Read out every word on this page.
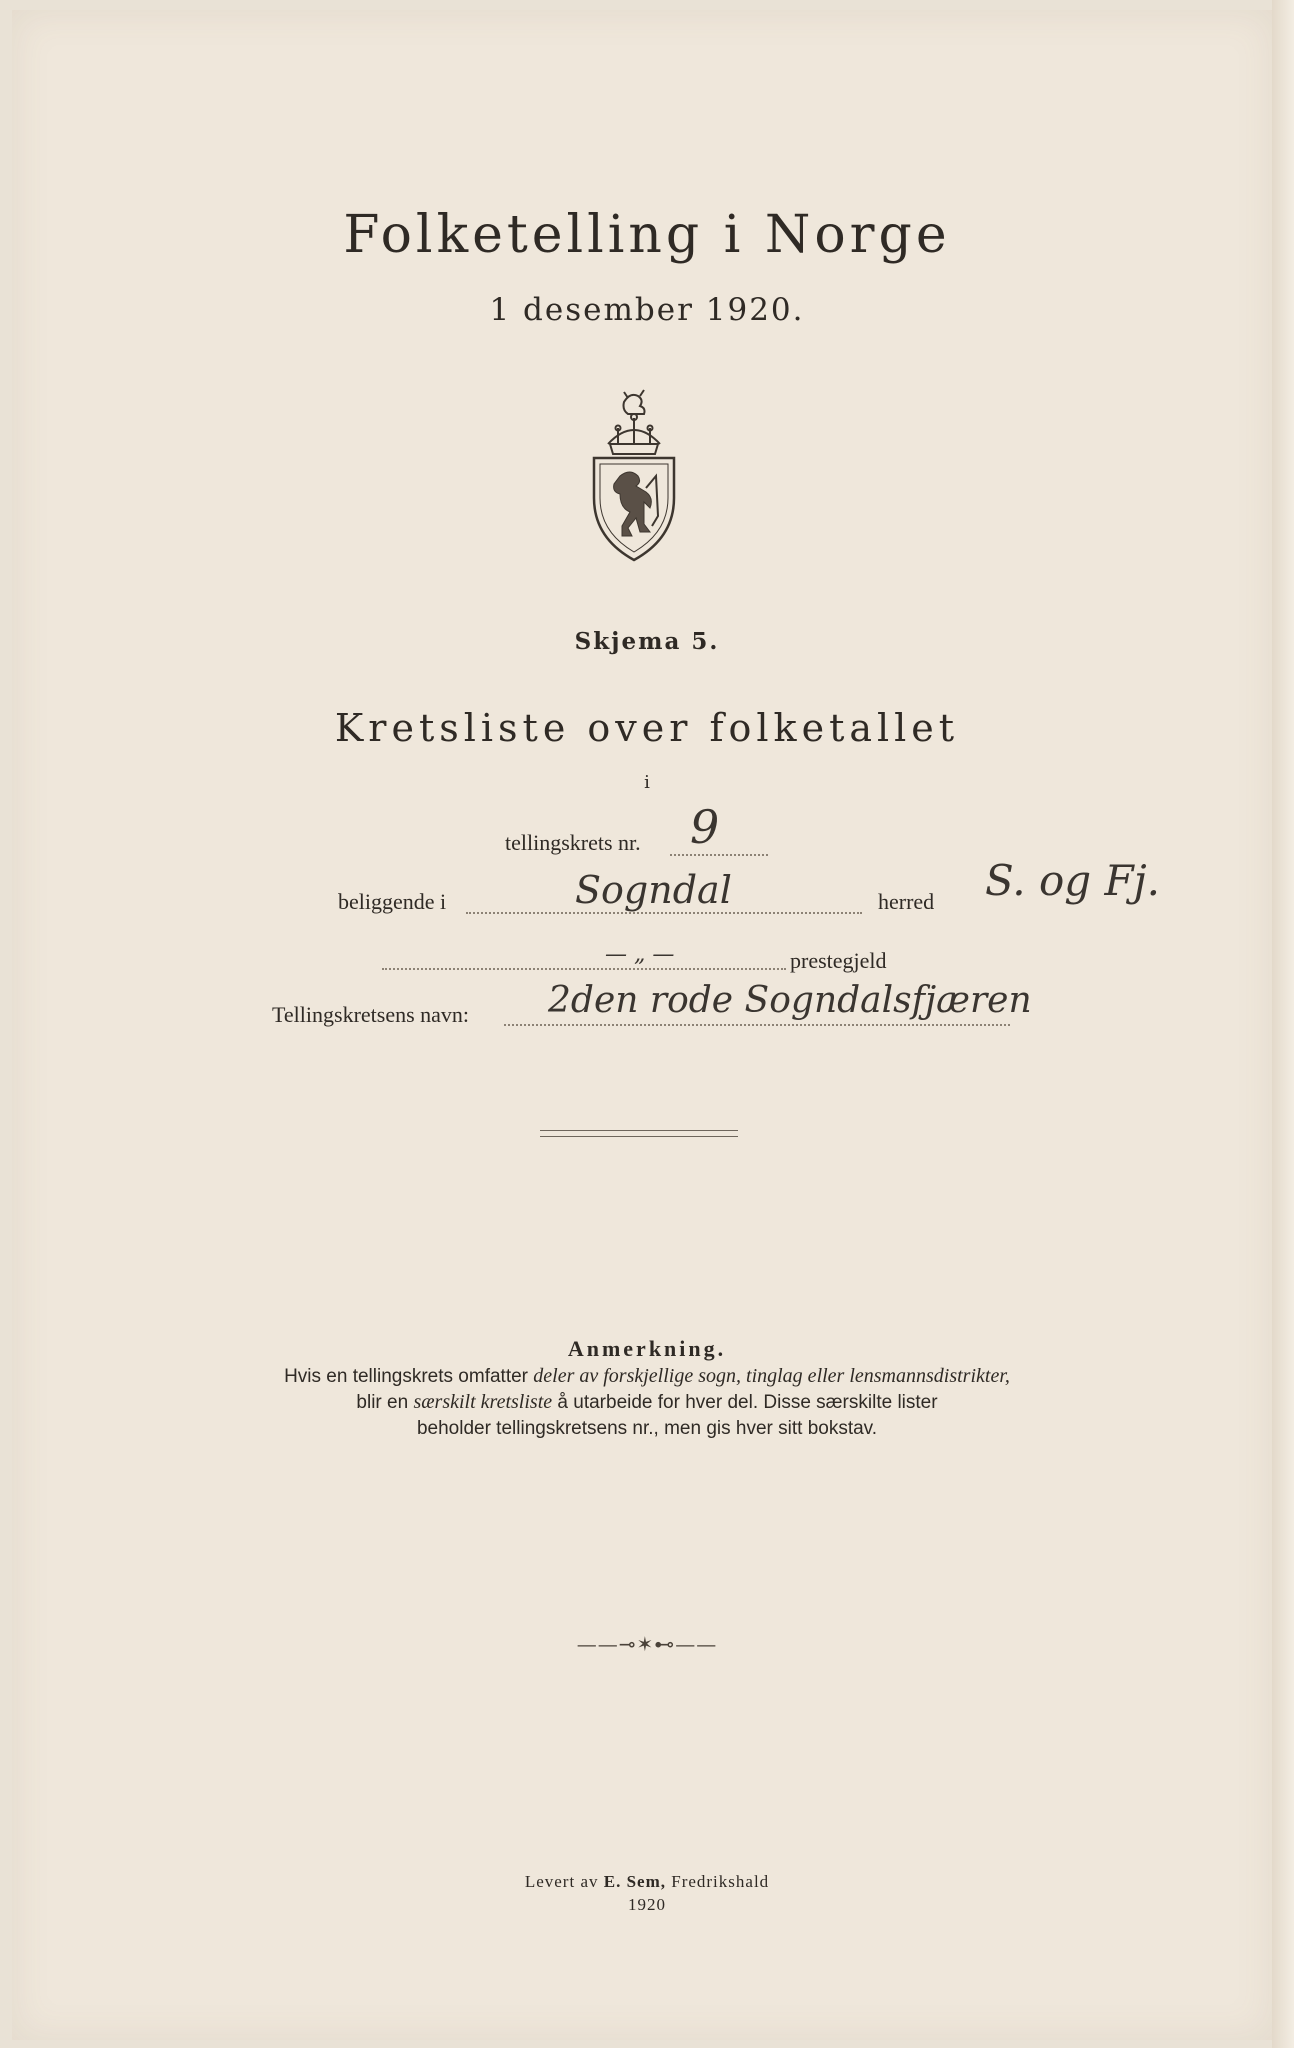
Folketelling i Norge
1 desember 1920.
Skjema 5.
Kretsliste over folketallet
i
tellingskrets nr. 9
beliggende i	Sogndal	herred S. og Fj.
— „ —	prestegjeld
Tellingskretsens navn: 2den rode Sogndalsfjæren
Anmerkning.
Hvis en tellingskrets omfatter deler av forskjellige sogn, tinglag eller lensmannsdistrikter,
blir en særskilt kretsliste å utarbeide for hver del. Disse særskilte lister
beholder tellingskretsens nr., men gis hver sitt bokstav.
——⊸✶⊷——
Levert av E. Sem, Fredrikshald
1920
